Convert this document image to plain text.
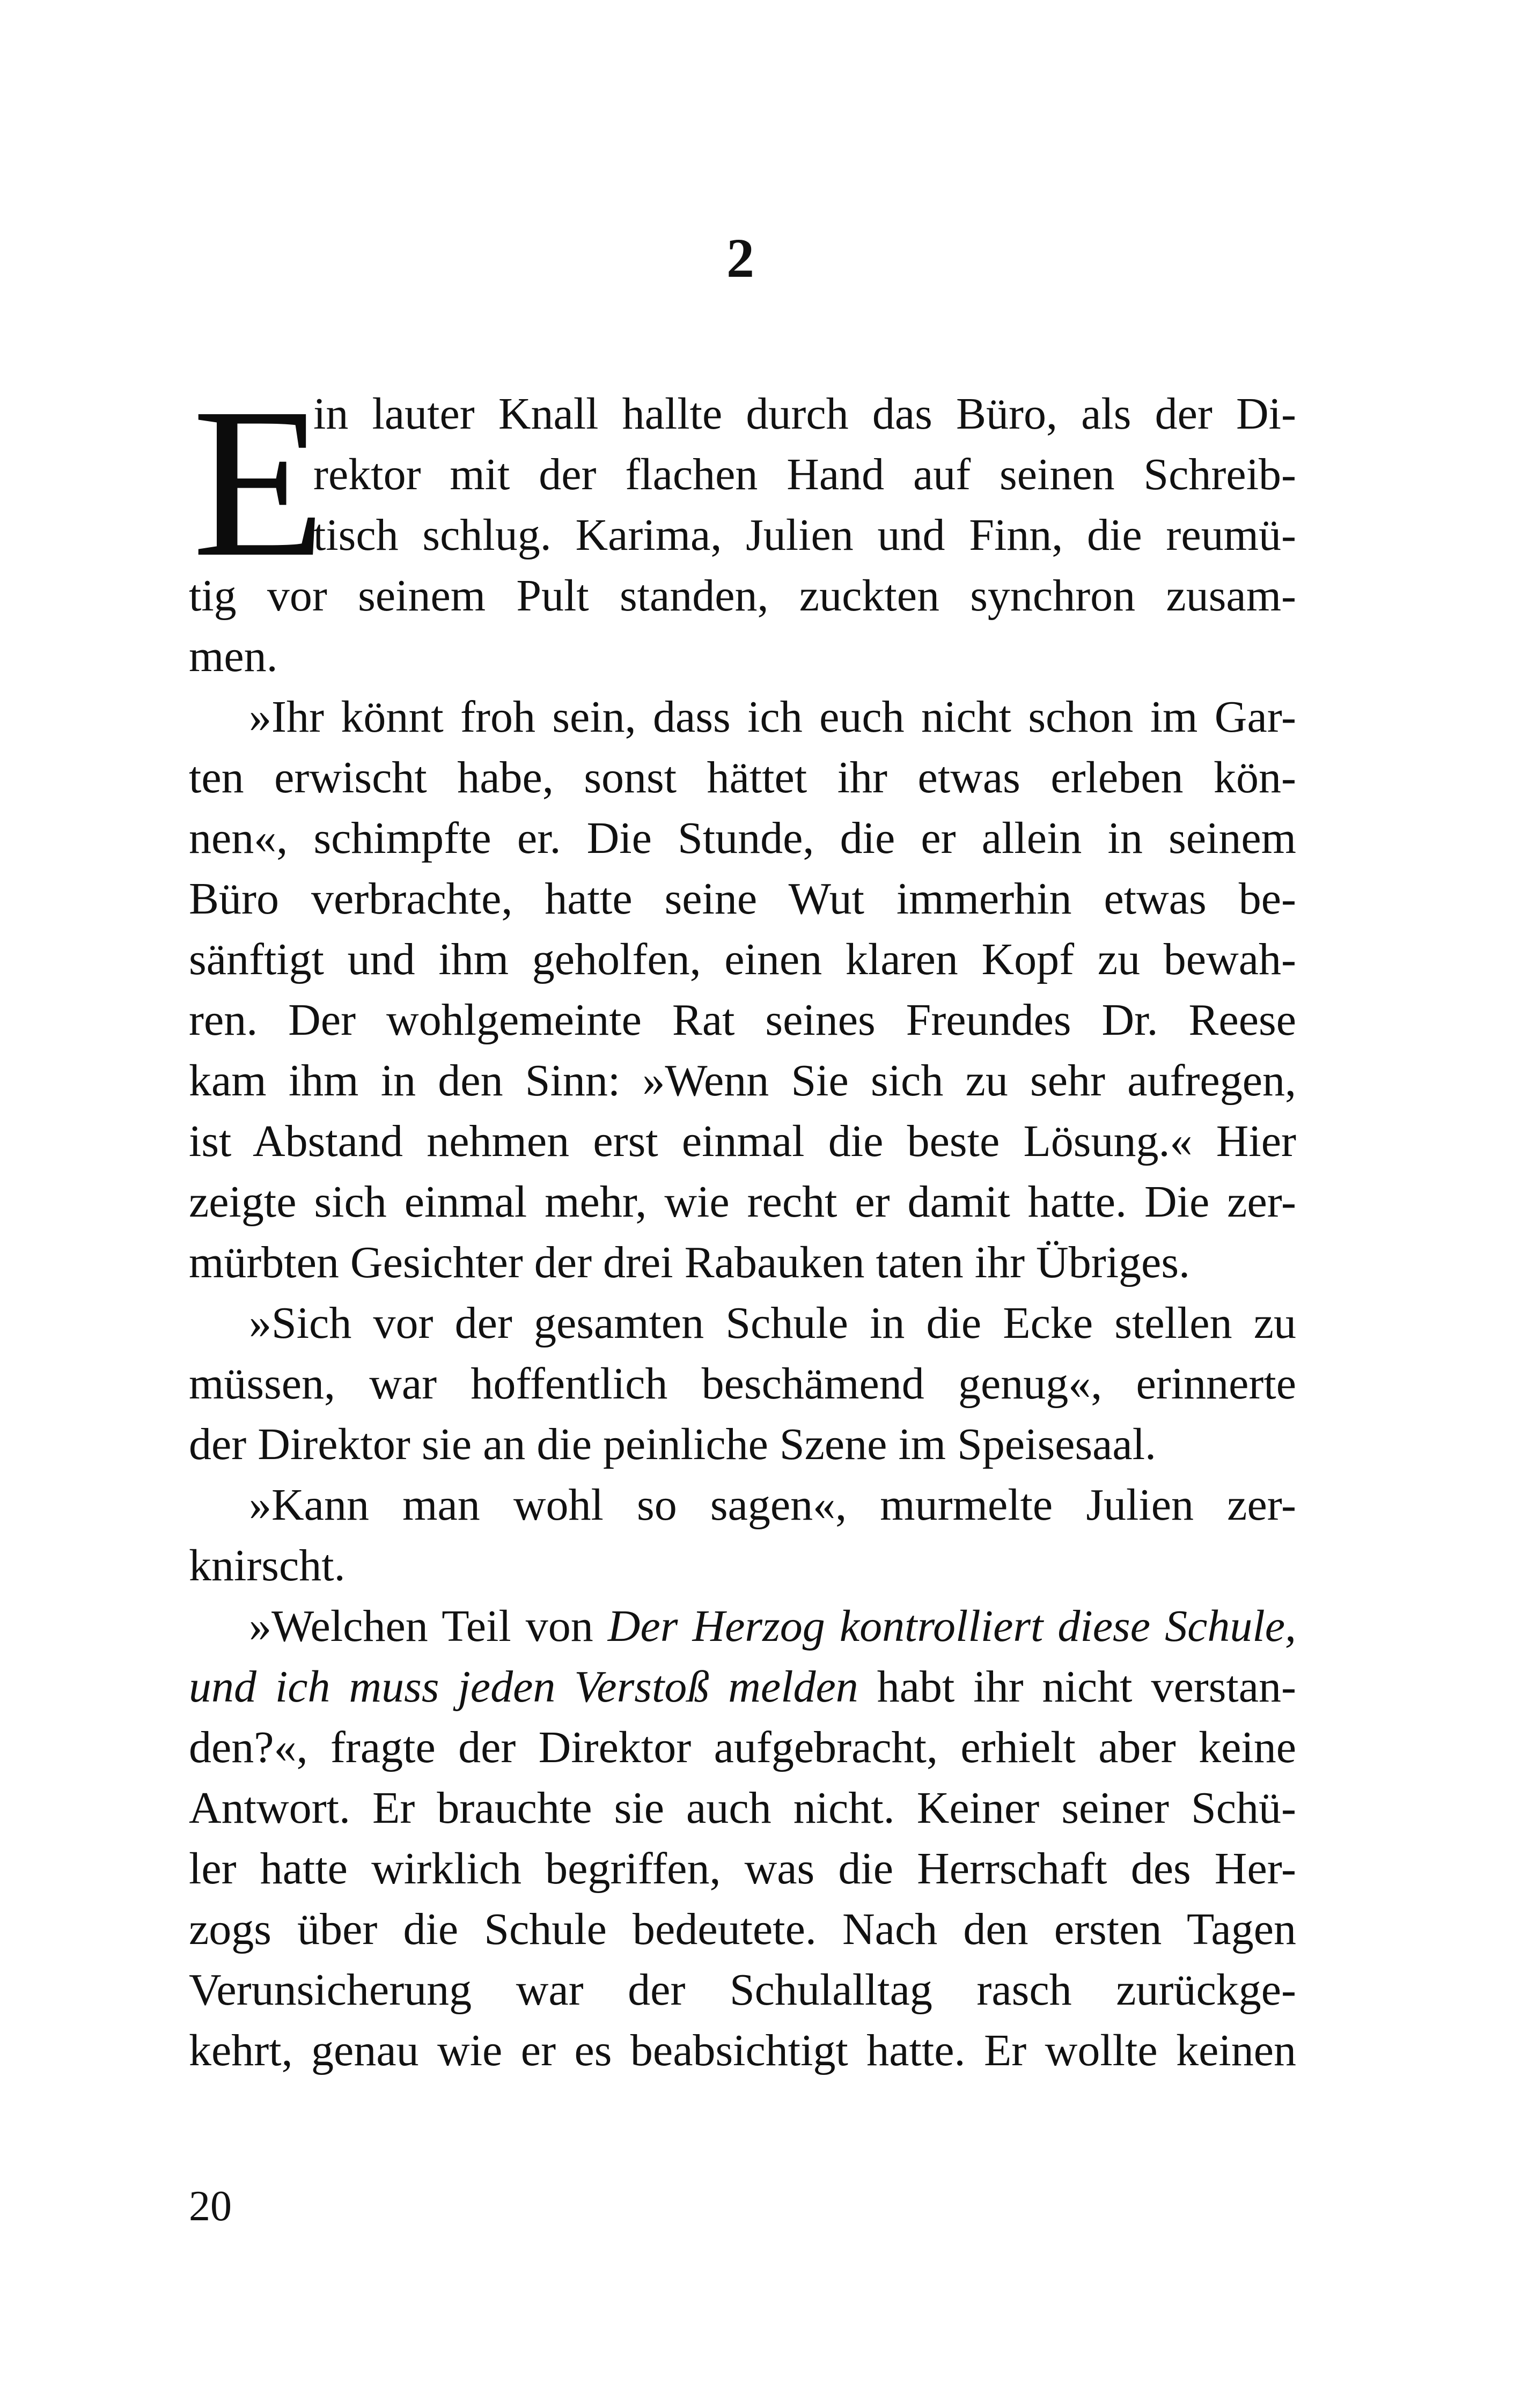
2
E
in lauter Knall hallte durch das Büro, als der Di-
rektor mit der flachen Hand auf seinen Schreib-
tisch schlug. Karima, Julien und Finn, die reumü-
tig vor seinem Pult standen, zuckten synchron zusam-
men.
»Ihr könnt froh sein, dass ich euch nicht schon im Gar-
ten erwischt habe, sonst hättet ihr etwas erleben kön-
nen«, schimpfte er. Die Stunde, die er allein in seinem
Büro verbrachte, hatte seine Wut immerhin etwas be-
sänftigt und ihm geholfen, einen klaren Kopf zu bewah-
ren. Der wohlgemeinte Rat seines Freundes Dr. Reese
kam ihm in den Sinn: »Wenn Sie sich zu sehr aufregen,
ist Abstand nehmen erst einmal die beste Lösung.« Hier
zeigte sich einmal mehr, wie recht er damit hatte. Die zer-
mürbten Gesichter der drei Rabauken taten ihr Übriges.
»Sich vor der gesamten Schule in die Ecke stellen zu
müssen, war hoffentlich beschämend genug«, erinnerte
der Direktor sie an die peinliche Szene im Speisesaal.
»Kann man wohl so sagen«, murmelte Julien zer-
knirscht.
»Welchen Teil von Der Herzog kontrolliert diese Schule,
und ich muss jeden Verstoß melden habt ihr nicht verstan-
den?«, fragte der Direktor aufgebracht, erhielt aber keine
Antwort. Er brauchte sie auch nicht. Keiner seiner Schü-
ler hatte wirklich begriffen, was die Herrschaft des Her-
zogs über die Schule bedeutete. Nach den ersten Tagen
Verunsicherung war der Schulalltag rasch zurückge-
kehrt, genau wie er es beabsichtigt hatte. Er wollte keinen
20
